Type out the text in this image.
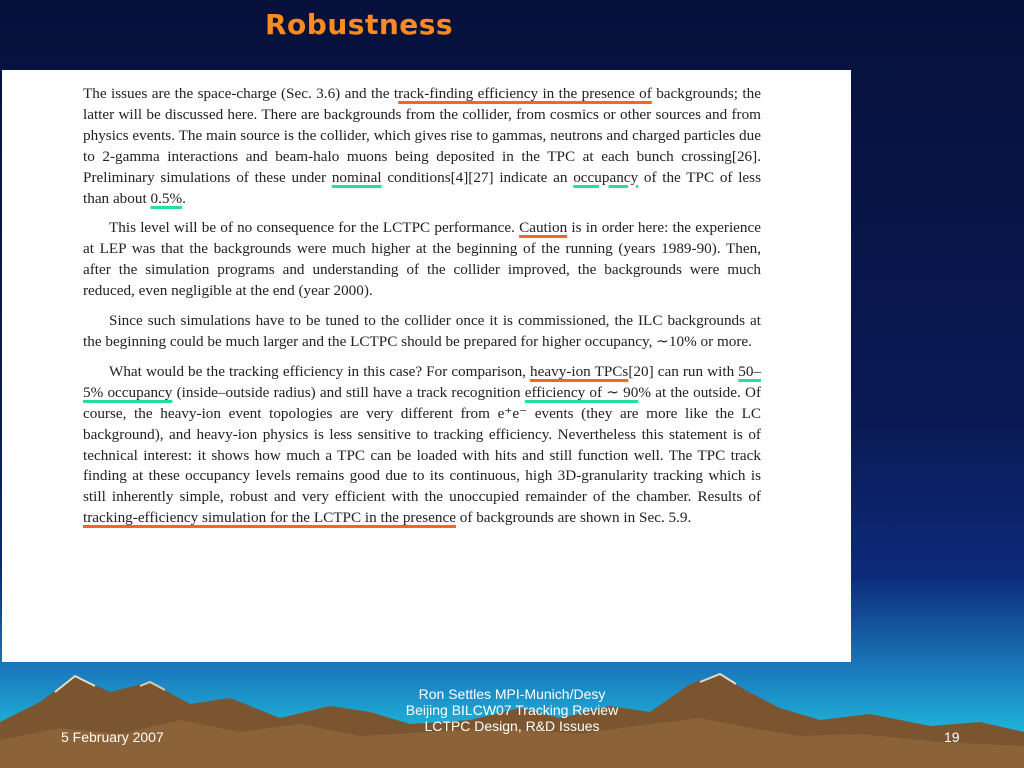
Robustness

The issues are the space-charge (Sec. 3.6) and the track-finding efficiency in the presence of backgrounds; the latter will be discussed here. There are backgrounds from the collider, from cosmics or other sources and from physics events. The main source is the collider, which gives rise to gammas, neutrons and charged particles due to 2-gamma interactions and beam-halo muons being deposited in the TPC at each bunch crossing[26]. Preliminary simulations of these under nominal conditions[4][27] indicate an occupancy of the TPC of less than about 0.5%.

This level will be of no consequence for the LCTPC performance. Caution is in order here: the experience at LEP was that the backgrounds were much higher at the beginning of the running (years 1989-90). Then, after the simulation programs and understanding of the collider improved, the backgrounds were much reduced, even negligible at the end (year 2000).

Since such simulations have to be tuned to the collider once it is commissioned, the ILC backgrounds at the beginning could be much larger and the LCTPC should be prepared for higher occupancy, ∼10% or more.

What would be the tracking efficiency in this case? For comparison, heavy-ion TPCs[20] can run with 50–5% occupancy (inside–outside radius) and still have a track recognition efficiency of ∼ 90% at the outside. Of course, the heavy-ion event topologies are very different from e⁺e⁻ events (they are more like the LC background), and heavy-ion physics is less sensitive to tracking efficiency. Nevertheless this statement is of technical interest: it shows how much a TPC can be loaded with hits and still function well. The TPC track finding at these occupancy levels remains good due to its continuous, high 3D-granularity tracking which is still inherently simple, robust and very efficient with the unoccupied remainder of the chamber. Results of tracking-efficiency simulation for the LCTPC in the presence of backgrounds are shown in Sec. 5.9.

Ron Settles MPI-Munich/Desy
Beijing BILCW07 Tracking Review
LCTPC Design, R&D Issues
5 February 2007	19
